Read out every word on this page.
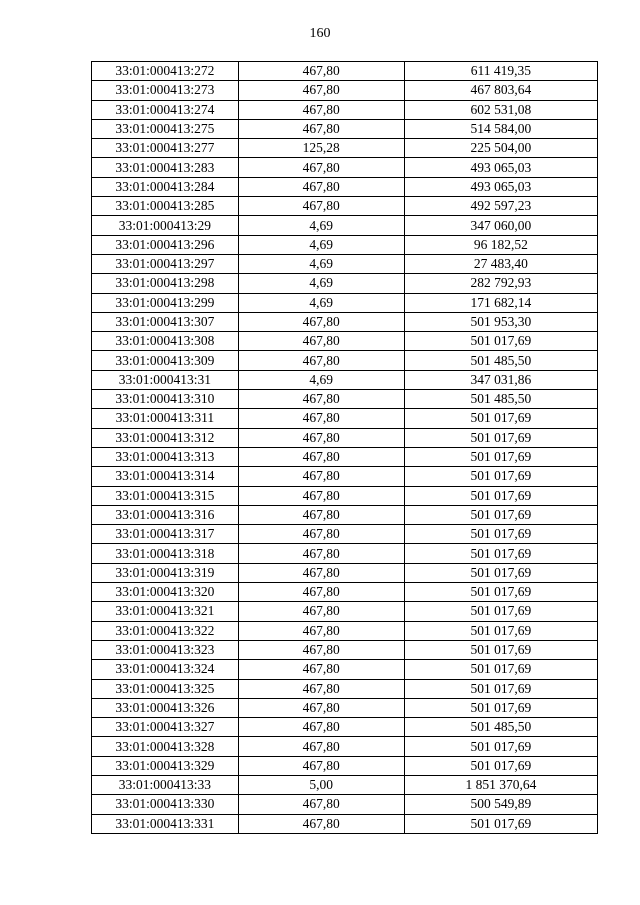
160
33:01:000413:272	467,80	611 419,35
33:01:000413:273	467,80	467 803,64
33:01:000413:274	467,80	602 531,08
33:01:000413:275	467,80	514 584,00
33:01:000413:277	125,28	225 504,00
33:01:000413:283	467,80	493 065,03
33:01:000413:284	467,80	493 065,03
33:01:000413:285	467,80	492 597,23
33:01:000413:29	4,69	347 060,00
33:01:000413:296	4,69	96 182,52
33:01:000413:297	4,69	27 483,40
33:01:000413:298	4,69	282 792,93
33:01:000413:299	4,69	171 682,14
33:01:000413:307	467,80	501 953,30
33:01:000413:308	467,80	501 017,69
33:01:000413:309	467,80	501 485,50
33:01:000413:31	4,69	347 031,86
33:01:000413:310	467,80	501 485,50
33:01:000413:311	467,80	501 017,69
33:01:000413:312	467,80	501 017,69
33:01:000413:313	467,80	501 017,69
33:01:000413:314	467,80	501 017,69
33:01:000413:315	467,80	501 017,69
33:01:000413:316	467,80	501 017,69
33:01:000413:317	467,80	501 017,69
33:01:000413:318	467,80	501 017,69
33:01:000413:319	467,80	501 017,69
33:01:000413:320	467,80	501 017,69
33:01:000413:321	467,80	501 017,69
33:01:000413:322	467,80	501 017,69
33:01:000413:323	467,80	501 017,69
33:01:000413:324	467,80	501 017,69
33:01:000413:325	467,80	501 017,69
33:01:000413:326	467,80	501 017,69
33:01:000413:327	467,80	501 485,50
33:01:000413:328	467,80	501 017,69
33:01:000413:329	467,80	501 017,69
33:01:000413:33	5,00	1 851 370,64
33:01:000413:330	467,80	500 549,89
33:01:000413:331	467,80	501 017,69
